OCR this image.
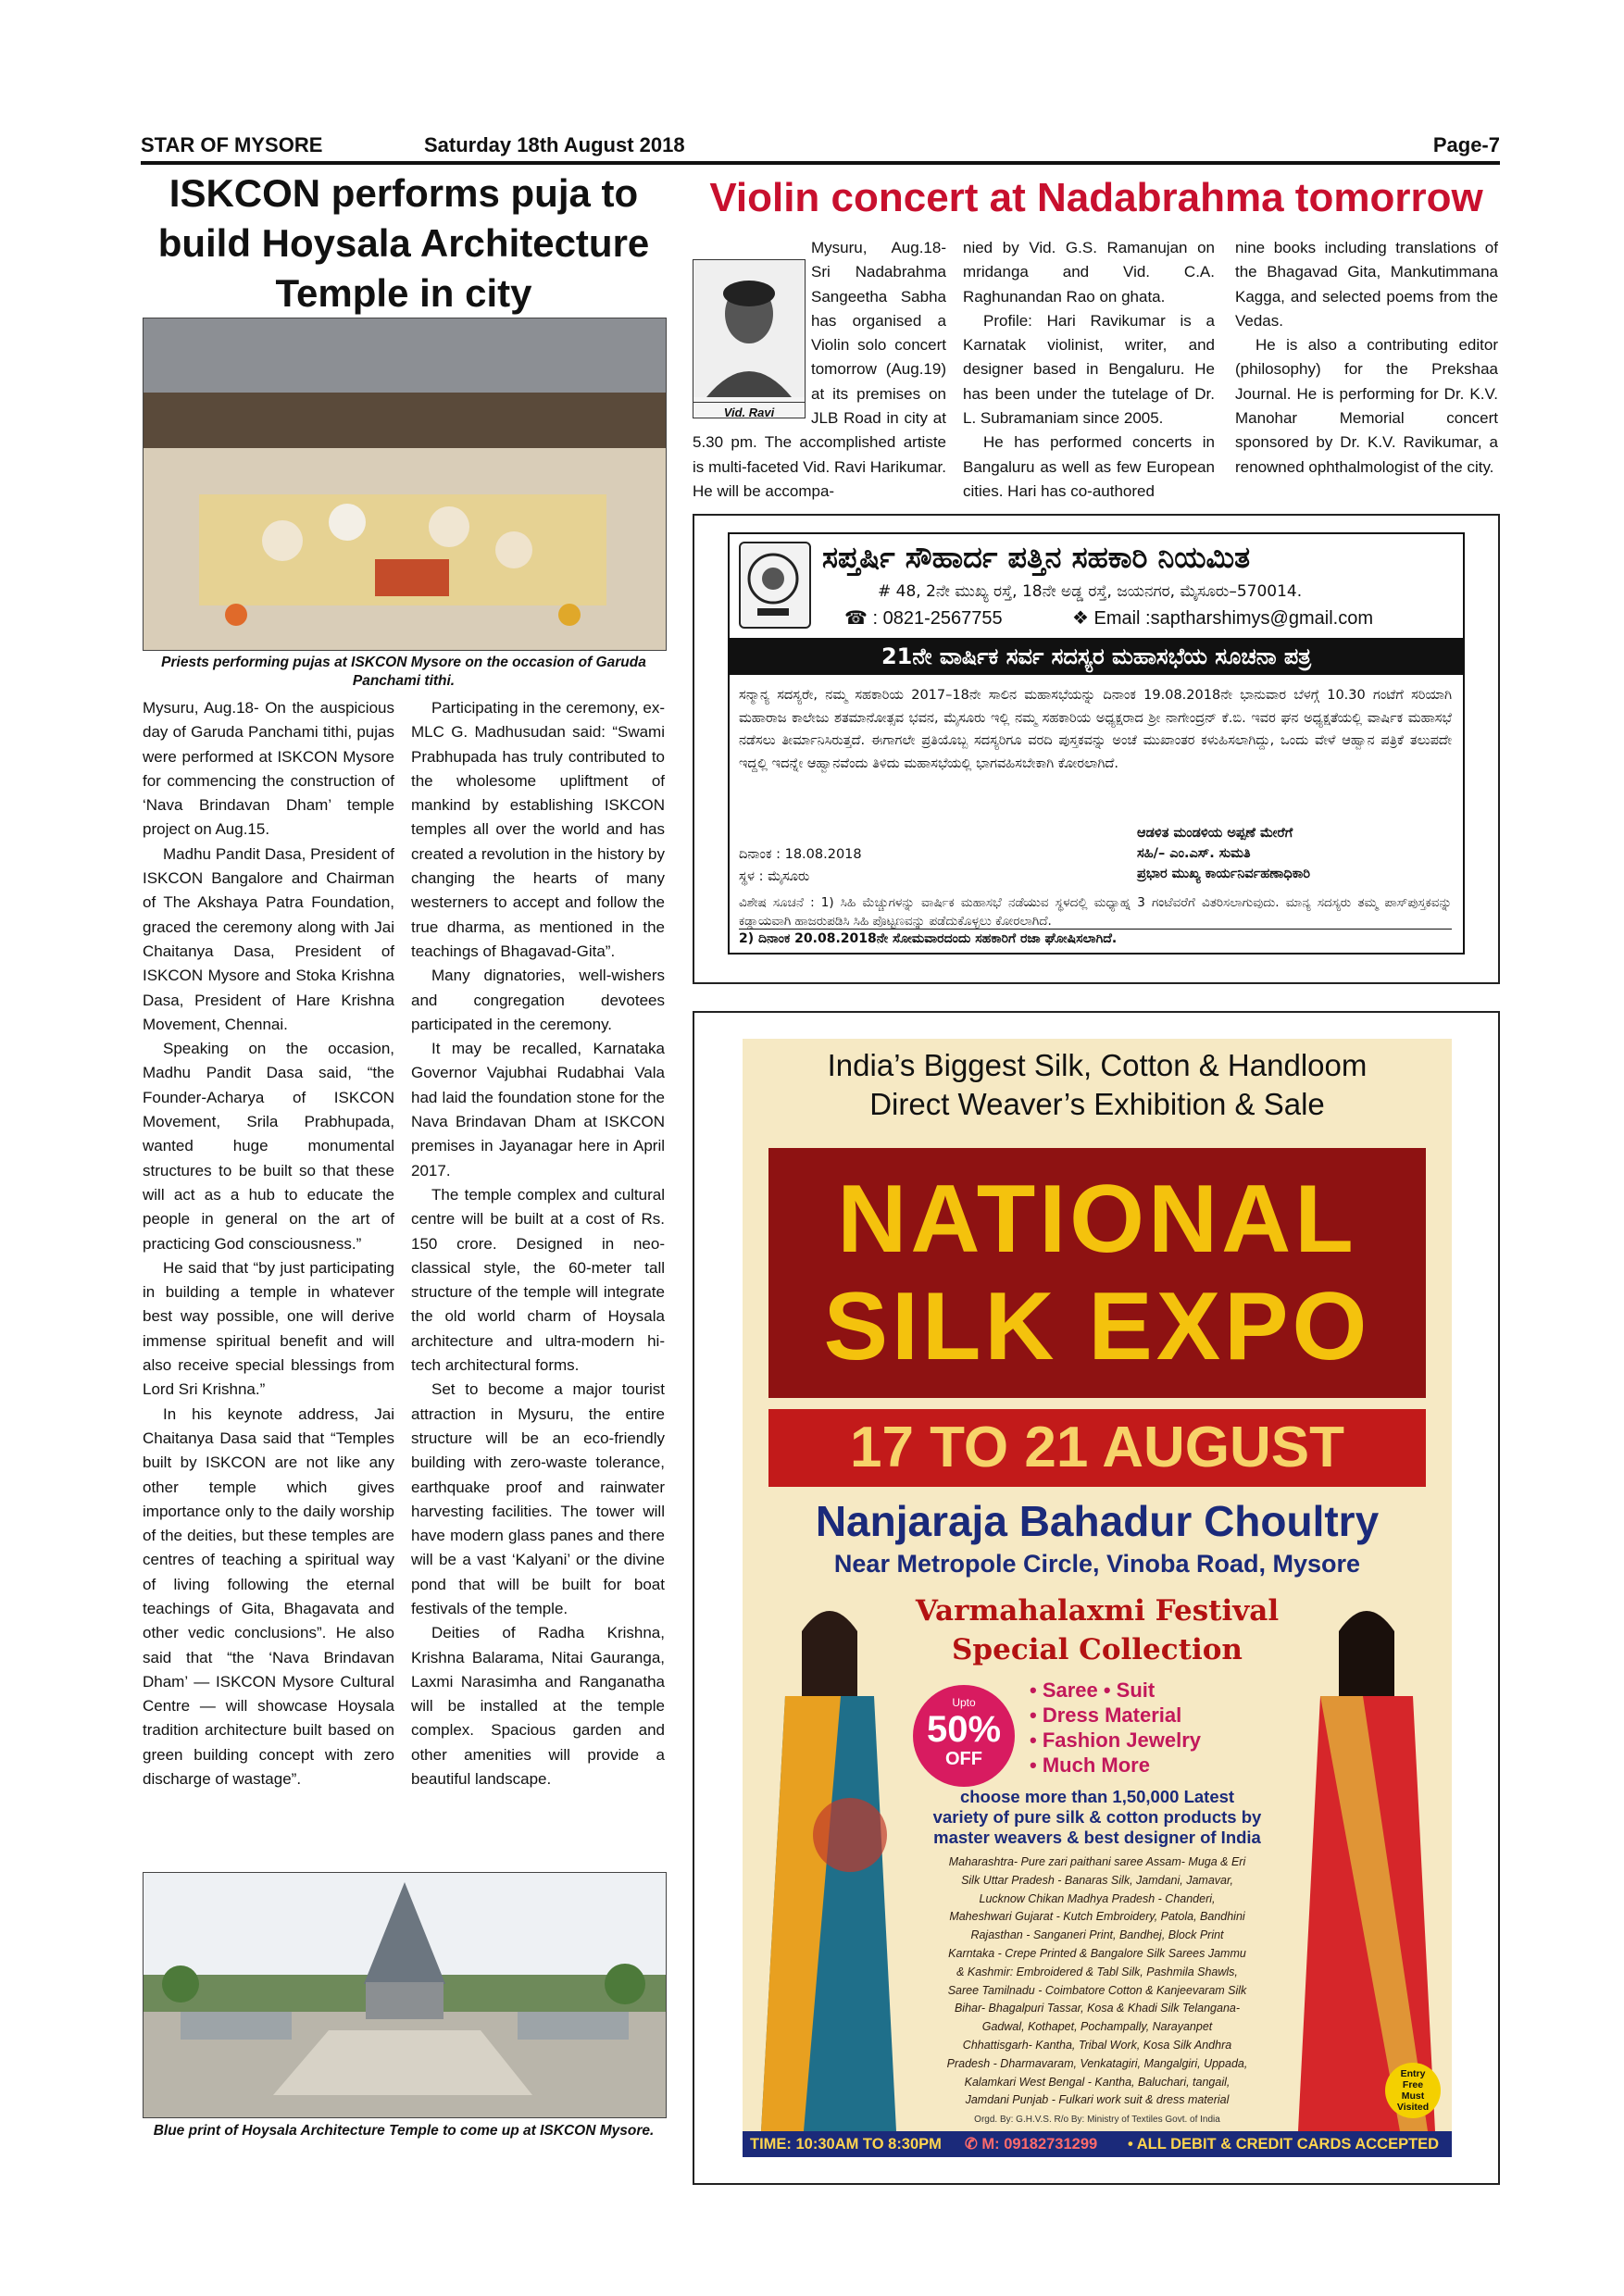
STAR OF MYSORE	Saturday 18th August 2018	Page-7
ISKCON performs puja to build Hoysala Architecture Temple in city
Violin concert at Nadabrahma tomorrow
Priests performing pujas at ISKCON Mysore on the occasion of Garuda Panchami tithi.

Mysuru, Aug.18- On the auspicious day of Garuda Panchami tithi, pujas were performed at ISKCON Mysore for commencing the construction of ‘Nava Brindavan Dham’ temple project on Aug.15.

Madhu Pandit Dasa, President of ISKCON Bangalore and Chairman of The Akshaya Patra Foundation, graced the ceremony along with Jai Chaitanya Dasa, President of ISKCON Mysore and Stoka Krishna Dasa, President of Hare Krishna Movement, Chennai.

Speaking on the occasion, Madhu Pandit Dasa said, “the Founder-Acharya of ISKCON Movement, Srila Prabhupada, wanted huge monumental structures to be built so that these will act as a hub to educate the people in general on the art of practicing God consciousness.”

He said that “by just participating in building a temple in whatever best way possible, one will derive immense spiritual benefit and will also receive special blessings from Lord Sri Krishna.”

In his keynote address, Jai Chaitanya Dasa said that “Temples built by ISKCON are not like any other temple which gives importance only to the daily worship of the deities, but these temples are centres of teaching a spiritual way of living following the eternal teachings of Gita, Bhagavata and other vedic conclusions”. He also said that “the ‘Nava Brindavan Dham’ — ISKCON Mysore Cultural Centre — will showcase Hoysala tradition architecture built based on green building concept with zero discharge of wastage”.

Participating in the ceremony, ex-MLC G. Madhusudan said: “Swami Prabhupada has truly contributed to the wholesome upliftment of mankind by establishing ISKCON temples all over the world and has created a revolution in the history by changing the hearts of many westerners to accept and follow the true dharma, as mentioned in the teachings of Bhagavad-Gita”.

Many dignatories, well-wishers and congregation devotees participated in the ceremony.

It may be recalled, Karnataka Governor Vajubhai Rudabhai Vala had laid the foundation stone for the Nava Brindavan Dham at ISKCON premises in Jayanagar here in April 2017.

The temple complex and cultural centre will be built at a cost of Rs. 150 crore. Designed in neo-classical style, the 60-meter tall structure of the temple will integrate the old world charm of Hoysala architecture and ultra-modern hi-tech architectural forms.

Set to become a major tourist attraction in Mysuru, the entire structure will be an eco-friendly building with zero-waste tolerance, earthquake proof and rainwater harvesting facilities. The tower will have modern glass panes and there will be a vast ‘Kalyani’ or the divine pond that will be built for boat festivals of the temple.

Deities of Radha Krishna, Krishna Balarama, Nitai Gauranga, Laxmi Narasimha and Ranganatha will be installed at the temple complex. Spacious garden and other amenities will provide a beautiful landscape.

Blue print of Hoysala Architecture Temple to come up at ISKCON Mysore.
Vid. Ravi
Mysuru, Aug.18- Sri Nadabrahma Sangeetha Sabha has organised a Violin solo concert tomorrow (Aug.19) at its premises on JLB Road in city at 5.30 pm. The accomplished artiste is multi-faceted Vid. Ravi Harikumar. He will be accompa-

nied by Vid. G.S. Ramanujan on mridanga and Vid. C.A. Raghunandan Rao on ghata.

Profile: Hari Ravikumar is a Karnatak violinist, writer, and designer based in Bengaluru. He has been under the tutelage of Dr. L. Subramaniam since 2005.

He has performed concerts in Bangaluru as well as few European cities. Hari has co-authored

nine books including translations of the Bhagavad Gita, Mankutimmana Kagga, and selected poems from the Vedas.

He is also a contributing editor (philosophy) for the Prekshaa Journal. He is performing for Dr. K.V. Manohar Memorial concert sponsored by Dr. K.V. Ravikumar, a renowned ophthalmologist of the city.

ಸಪ್ತರ್ಷಿ ಸೌಹಾರ್ದ ಪತ್ತಿನ ಸಹಕಾರಿ ನಿಯಮಿತ
# 48, 2ನೇ ಮುಖ್ಯ ರಸ್ತೆ, 18ನೇ ಅಡ್ಡ ರಸ್ತೆ, ಜಯನಗರ, ಮೈಸೂರು–570014.
☎ : 0821-2567755	❖ Email :saptharshimys@gmail.com
21ನೇ ವಾರ್ಷಿಕ ಸರ್ವ ಸದಸ್ಯರ ಮಹಾಸಭೆಯ ಸೂಚನಾ ಪತ್ರ
ಸನ್ಮಾನ್ಯ ಸದಸ್ಯರೇ, ನಮ್ಮ ಸಹಕಾರಿಯ 2017–18ನೇ ಸಾಲಿನ ಮಹಾಸಭೆಯನ್ನು ದಿನಾಂಕ 19.08.2018ನೇ ಭಾನುವಾರ ಬೆಳಗ್ಗೆ 10.30 ಗಂಟೆಗೆ ಸರಿಯಾಗಿ ಮಹಾರಾಜ ಕಾಲೇಜು ಶತಮಾನೋತ್ಸವ ಭವನ, ಮೈಸೂರು ಇಲ್ಲಿ ನಮ್ಮ ಸಹಕಾರಿಯ ಅಧ್ಯಕ್ಷರಾದ ಶ್ರೀ ನಾಗೇಂದ್ರನ್ ಕೆ.ಬಿ. ಇವರ ಘನ ಅಧ್ಯಕ್ಷತೆಯಲ್ಲಿ ವಾರ್ಷಿಕ ಮಹಾಸಭೆ ನಡೆಸಲು ತೀರ್ಮಾನಿಸಿರುತ್ತದೆ. ಈಗಾಗಲೇ ಪ್ರತಿಯೊಬ್ಬ ಸದಸ್ಯರಿಗೂ ವರದಿ ಪುಸ್ತಕವನ್ನು ಅಂಚೆ ಮುಖಾಂತರ ಕಳುಹಿಸಲಾಗಿದ್ದು, ಒಂದು ವೇಳೆ ಆಹ್ವಾನ ಪತ್ರಿಕೆ ತಲುಪದೇ ಇದ್ದಲ್ಲಿ ಇದನ್ನೇ ಆಹ್ವಾನವೆಂದು ತಿಳಿದು ಮಹಾಸಭೆಯಲ್ಲಿ ಭಾಗವಹಿಸಬೇಕಾಗಿ ಕೋರಲಾಗಿದೆ.
ಆಡಳಿತ ಮಂಡಳಿಯ ಅಪ್ಪಣೆ ಮೇರೆಗೆ
ಸಹಿ/– ಎಂ.ಎಸ್. ಸುಮತಿ
ಪ್ರಭಾರ ಮುಖ್ಯ ಕಾರ್ಯನಿರ್ವಹಣಾಧಿಕಾರಿ
ದಿನಾಂಕ : 18.08.2018
ಸ್ಥಳ : ಮೈಸೂರು
ವಿಶೇಷ ಸೂಚನೆ : 1) ಸಿಹಿ ಮೆಚ್ಚುಗಳನ್ನು ವಾರ್ಷಿಕ ಮಹಾಸಭೆ ನಡೆಯುವ ಸ್ಥಳದಲ್ಲಿ ಮಧ್ಯಾಹ್ನ 3 ಗಂಟೆವರೆಗೆ ವಿತರಿಸಲಾಗುವುದು. ಮಾನ್ಯ ಸದಸ್ಯರು ತಮ್ಮ ಪಾಸ್‌ಪುಸ್ತಕವನ್ನು ಕಡ್ಡಾಯವಾಗಿ ಹಾಜರುಪಡಿಸಿ ಸಿಹಿ ಪೊಟ್ಟಣವನ್ನು ಪಡೆದುಕೊಳ್ಳಲು ಕೋರಲಾಗಿದೆ.
2) ದಿನಾಂಕ 20.08.2018ನೇ ಸೋಮವಾರದಂದು ಸಹಕಾರಿಗೆ ರಜಾ ಘೋಷಿಸಲಾಗಿದೆ.
India’s Biggest Silk, Cotton & Handloom
Direct Weaver’s Exhibition & Sale
NATIONAL
SILK EXPO
17 TO 21 AUGUST
Nanjaraja Bahadur Choultry
Near Metropole Circle, Vinoba Road, Mysore
Varmahalaxmi Festival
Special Collection
Upto
50%
OFF
• Saree • Suit
• Dress Material
• Fashion Jewelry
• Much More
choose more than 1,50,000 Latest
variety of pure silk & cotton products by
master weavers & best designer of India
Maharashtra- Pure zari paithani saree Assam- Muga & Eri
Silk Uttar Pradesh - Banaras Silk, Jamdani, Jamavar,
Lucknow Chikan Madhya Pradesh - Chanderi,
Maheshwari Gujarat - Kutch Embroidery, Patola, Bandhini
Rajasthan - Sanganeri Print, Bandhej, Block Print
Karntaka - Crepe Printed & Bangalore Silk Sarees Jammu
& Kashmir: Embroidered & Tabl Silk, Pashmila Shawls,
Saree Tamilnadu - Coimbatore Cotton & Kanjeevaram Silk
Bihar- Bhagalpuri Tassar, Kosa & Khadi Silk Telangana-
Gadwal, Kothapet, Pochampally, Narayanpet
Chhattisgarh- Kantha, Tribal Work, Kosa Silk Andhra
Pradesh - Dharmavaram, Venkatagiri, Mangalgiri, Uppada,
Kalamkari West Bengal - Kantha, Baluchari, tangail,
Jamdani Punjab - Fulkari work suit & dress material
Orgd. By: G.H.V.S. R/o By: Ministry of Textiles Govt. of India
Entry
Free
Must
Visited
TIME: 10:30AM TO 8:30PM ✆ M: 09182731299 • ALL DEBIT & CREDIT CARDS ACCEPTED
